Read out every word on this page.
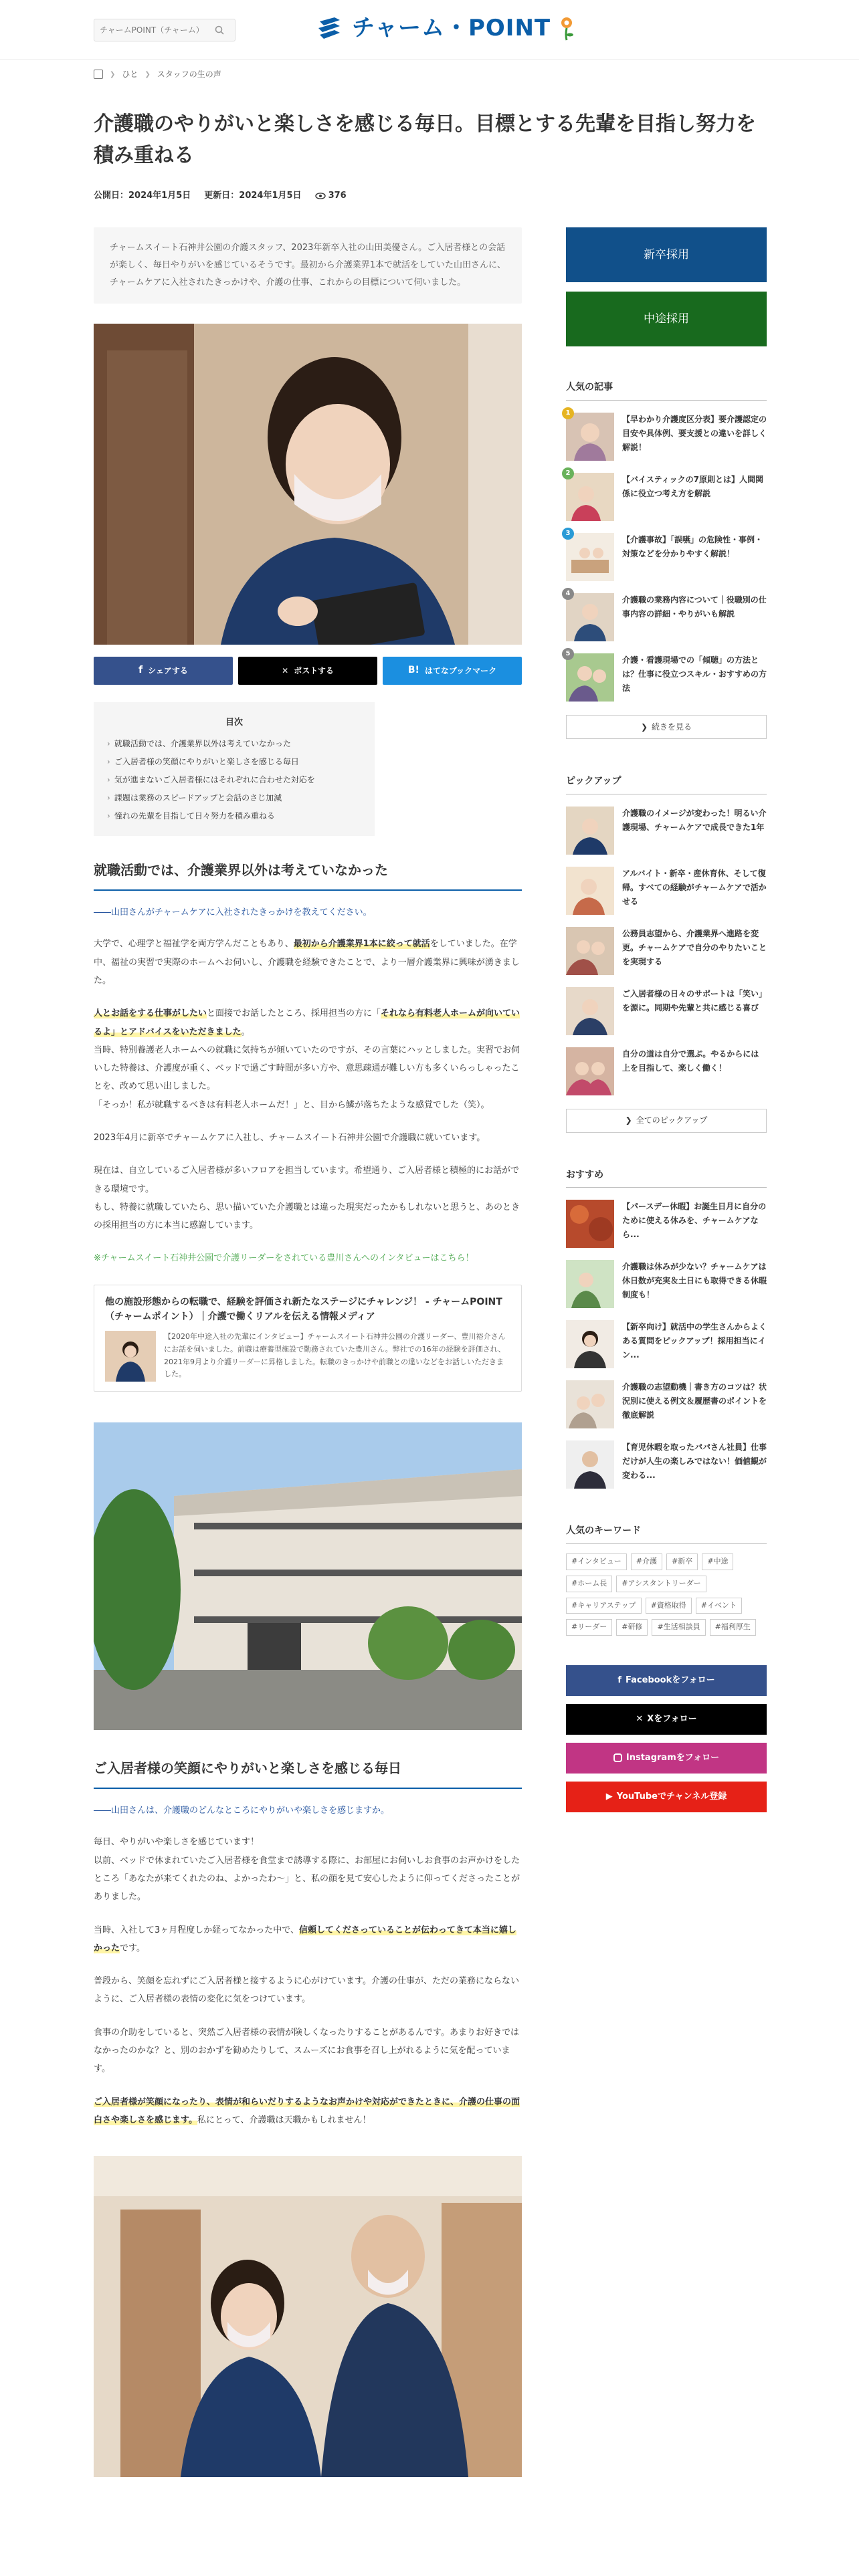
チャームPOINT（チャーム）
チャーム・POINT
❯ ひと ❯ スタッフの生の声
介護職のやりがいと楽しさを感じる毎日。目標とする先輩を目指し努力を積み重ねる
公開日：2024年1月5日 更新日：2024年1月5日	376
チャームスイート石神井公園の介護スタッフ、2023年新卒入社の山田美優さん。ご入居者様との会話が楽しく、毎日やりがいを感じているそうです。最初から介護業界1本で就活をしていた山田さんに、チャームケアに入社されたきっかけや、介護の仕事、これからの目標について伺いました。
f シェアする	✕ ポストする	B! はてなブックマーク
目次
› 就職活動では、介護業界以外は考えていなかった
› ご入居者様の笑顔にやりがいと楽しさを感じる毎日
› 気が進まないご入居者様にはそれぞれに合わせた対応を
› 課題は業務のスピードアップと会話のさじ加減
› 憧れの先輩を目指して日々努力を積み重ねる
就職活動では、介護業界以外は考えていなかった

――山田さんがチャームケアに入社されたきっかけを教えてください。

大学で、心理学と福祉学を両方学んだこともあり、最初から介護業界1本に絞って就活をしていました。在学中、福祉の実習で実際のホームへお伺いし、介護職を経験できたことで、より一層介護業界に興味が湧きました。

人とお話をする仕事がしたいと面接でお話したところ、採用担当の方に「それなら有料老人ホームが向いているよ」とアドバイスをいただきました。
当時、特別養護老人ホームへの就職に気持ちが傾いていたのですが、その言葉にハッとしました。実習でお伺いした特養は、介護度が重く、ベッドで過ごす時間が多い方や、意思疎通が難しい方も多くいらっしゃったことを、改めて思い出しました。
「そっか！私が就職するべきは有料老人ホームだ！」と、目から鱗が落ちたような感覚でした（笑）。

2023年4月に新卒でチャームケアに入社し、チャームスイート石神井公園で介護職に就いています。

現在は、自立しているご入居者様が多いフロアを担当しています。希望通り、ご入居者様と積極的にお話ができる環境です。
もし、特養に就職していたら、思い描いていた介護職とは違った現実だったかもしれないと思うと、あのときの採用担当の方に本当に感謝しています。

※チャームスイート石神井公園で介護リーダーをされている豊川さんへのインタビューはこちら！

他の施設形態からの転職で、経験を評価され新たなステージにチャレンジ！ - チャームPOINT（チャームポイント）｜介護で働くリアルを伝える情報メディア
【2020年中途入社の先輩にインタビュー】チャームスイート石神井公園の介護リーダー、豊川裕介さんにお話を伺いました。前職は療養型施設で勤務されていた豊川さん。弊社での16年の経験を評価され、2021年9月より介護リーダーに昇格しました。転職のきっかけや前職との違いなどをお話しいただきました。
ご入居者様の笑顔にやりがいと楽しさを感じる毎日

――山田さんは、介護職のどんなところにやりがいや楽しさを感じますか。

毎日、やりがいや楽しさを感じています！
以前、ベッドで休まれていたご入居者様を食堂まで誘導する際に、お部屋にお伺いしお食事のお声かけをしたところ「あなたが来てくれたのね、よかったわ〜」と、私の顔を見て安心したように仰ってくださったことがありました。

当時、入社して3ヶ月程度しか経ってなかった中で、信頼してくださっていることが伝わってきて本当に嬉しかったです。

普段から、笑顔を忘れずにご入居者様と接するように心がけています。介護の仕事が、ただの業務にならないように、ご入居者様の表情の変化に気をつけています。

食事の介助をしていると、突然ご入居者様の表情が険しくなったりすることがあるんです。あまりお好きではなかったのかな？と、別のおかずを勧めたりして、スムーズにお食事を召し上がれるように気を配っています。

ご入居者様が笑顔になったり、表情が和らいだりするようなお声かけや対応ができたときに、介護の仕事の面白さや楽しさを感じます。私にとって、介護職は天職かもしれません！

新卒採用
中途採用
人気の記事
1
【早わかり介護度区分表】要介護認定の目安や具体例、要支援との違いを詳しく解説！
2
【バイスティックの7原則とは】人間関係に役立つ考え方を解説
3
【介護事故】「誤嚥」の危険性・事例・対策などを分かりやすく解説！
4
介護職の業務内容について｜役職別の仕事内容の詳細・やりがいも解説
5
介護・看護現場での「傾聴」の方法とは？仕事に役立つスキル・おすすめの方法
❯ 続きを見る
ピックアップ
介護職のイメージが変わった！明るい介護現場、チャームケアで成長できた1年
アルバイト・新卒・産休育休、そして復帰。すべての経験がチャームケアで活かせる
公務員志望から、介護業界へ進路を変更。チャームケアで自分のやりたいことを実現する
ご入居者様の日々のサポートは「笑い」を源に。同期や先輩と共に感じる喜び
自分の道は自分で選ぶ。やるからには上を目指して、楽しく働く！
❯ 全てのピックアップ
おすすめ
【パースデー休暇】お誕生日月に自分のために使える休みを、チャームケアなら...
介護職は休みが少ない？チャームケアは休日数が充実＆土日にも取得できる休暇制度も！
【新卒向け】就活中の学生さんからよくある質問をピックアップ！採用担当にイン...
介護職の志望動機｜書き方のコツは？状況別に使える例文＆履歴書のポイントを徹底解説
【育児休暇を取ったパパさん社員】仕事だけが人生の楽しみではない！価値観が変わる...
人気のキーワード
#インタビュー	#介護	#新卒	#中途
#ホーム長	#アシスタントリーダー
#キャリアステップ	#資格取得	#イベント
#リーダー	#研修	#生活相談員	#福利厚生
f Facebookをフォロー
✕ Xをフォロー
Instagramをフォロー
▶ YouTubeでチャンネル登録
